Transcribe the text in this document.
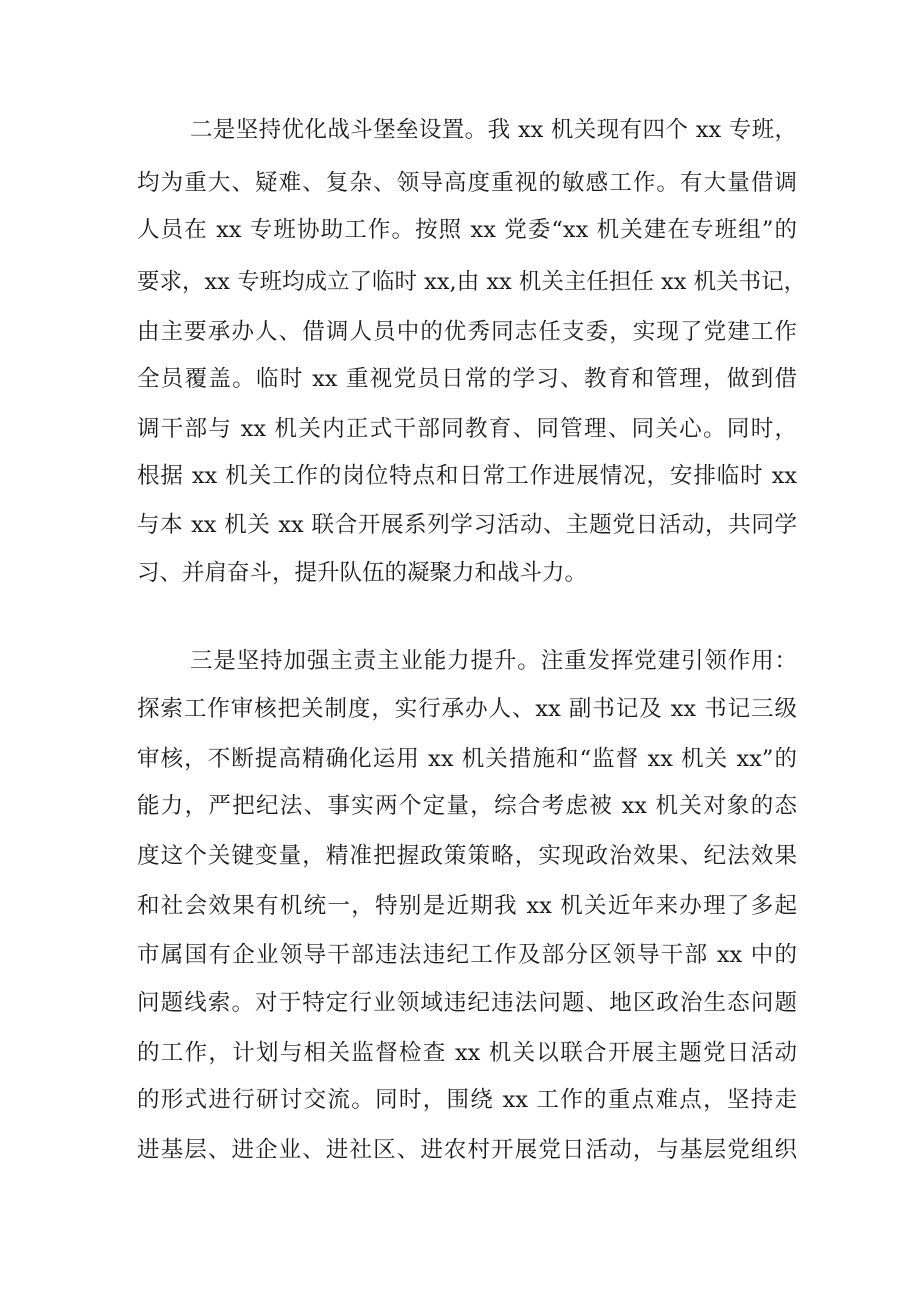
二是坚持优化战斗堡垒设置。我 xx 机关现有四个 xx 专班，
均为重大、疑难、复杂、领导高度重视的敏感工作。有大量借调
人员在 xx 专班协助工作。按照 xx 党委“xx 机关建在专班组”的
要求，xx 专班均成立了临时 xx,由 xx 机关主任担任 xx 机关书记，
由主要承办人、借调人员中的优秀同志任支委，实现了党建工作
全员覆盖。临时 xx 重视党员日常的学习、教育和管理，做到借
调干部与 xx 机关内正式干部同教育、同管理、同关心。同时，
根据 xx 机关工作的岗位特点和日常工作进展情况，安排临时 xx
与本 xx 机关 xx 联合开展系列学习活动、主题党日活动，共同学
习、并肩奋斗，提升队伍的凝聚力和战斗力。
三是坚持加强主责主业能力提升。注重发挥党建引领作用：
探索工作审核把关制度，实行承办人、xx 副书记及 xx 书记三级
审核，不断提高精确化运用 xx 机关措施和“监督 xx 机关 xx”的
能力，严把纪法、事实两个定量，综合考虑被 xx 机关对象的态
度这个关键变量，精准把握政策策略，实现政治效果、纪法效果
和社会效果有机统一，特别是近期我 xx 机关近年来办理了多起
市属国有企业领导干部违法违纪工作及部分区领导干部 xx 中的
问题线索。对于特定行业领域违纪违法问题、地区政治生态问题
的工作，计划与相关监督检查 xx 机关以联合开展主题党日活动
的形式进行研讨交流。同时，围绕 xx 工作的重点难点，坚持走
进基层、进企业、进社区、进农村开展党日活动，与基层党组织
